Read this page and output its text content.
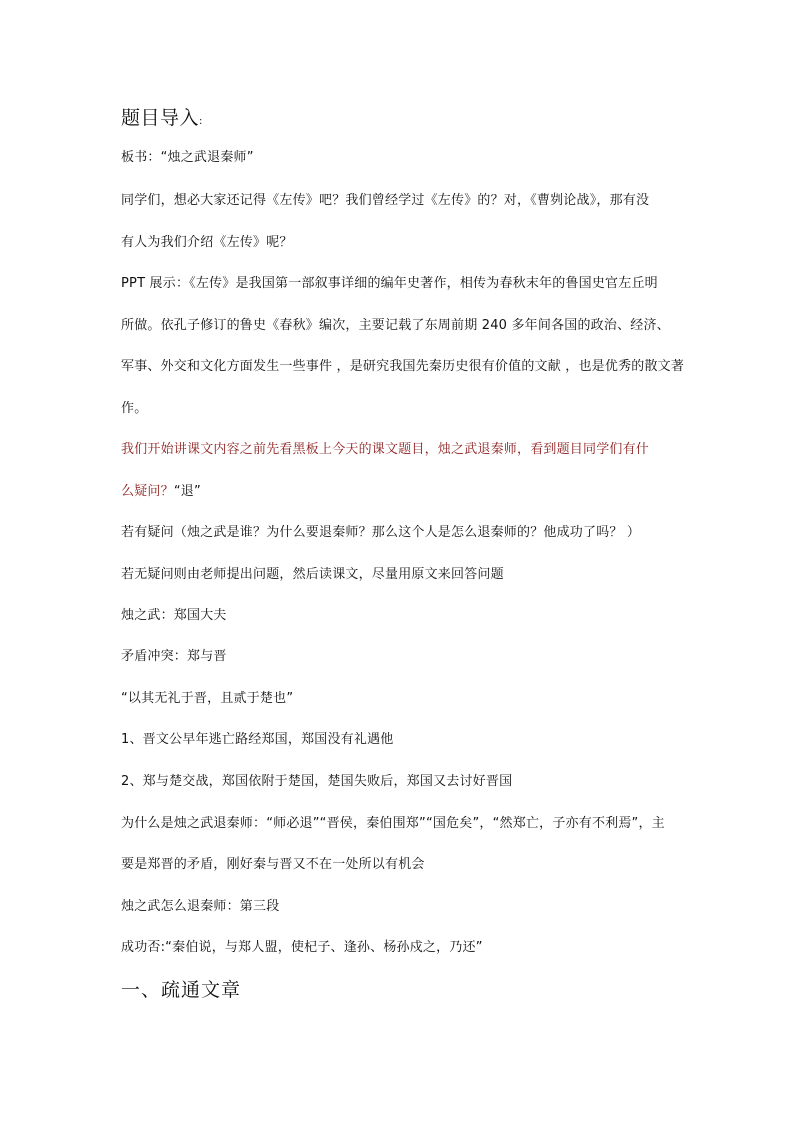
题目导入:
板书：“烛之武退秦师”
同学们，想必大家还记得《左传》吧？我们曾经学过《左传》的？对，《曹刿论战》，那有没
有人为我们介绍《左传》呢？
PPT 展示：《左传》是我国第一部叙事详细的编年史著作，相传为春秋末年的鲁国史官左丘明
所做。依孔子修订的鲁史《春秋》编次，主要记载了东周前期 240 多年间各国的政治、经济、
军事、外交和文化方面发生一些事件 ，是研究我国先秦历史很有价值的文献 ，也是优秀的散文著
作。
我们开始讲课文内容之前先看黑板上今天的课文题目，烛之武退秦师，看到题目同学们有什
么疑问？“退”
若有疑问（烛之武是谁？为什么要退秦师？那么这个人是怎么退秦师的？他成功了吗？ ）
若无疑问则由老师提出问题，然后读课文，尽量用原文来回答问题
烛之武：郑国大夫
矛盾冲突：郑与晋
“以其无礼于晋，且贰于楚也”
1、晋文公早年逃亡路经郑国，郑国没有礼遇他
2、郑与楚交战，郑国依附于楚国，楚国失败后，郑国又去讨好晋国
为什么是烛之武退秦师：“师必退”“晋侯，秦伯围郑”“国危矣”，“然郑亡，子亦有不利焉”，主
要是郑晋的矛盾，刚好秦与晋又不在一处所以有机会
烛之武怎么退秦师：第三段
成功否:“秦伯说，与郑人盟，使杞子、逢孙、杨孙戍之，乃还”
一、疏通文章
